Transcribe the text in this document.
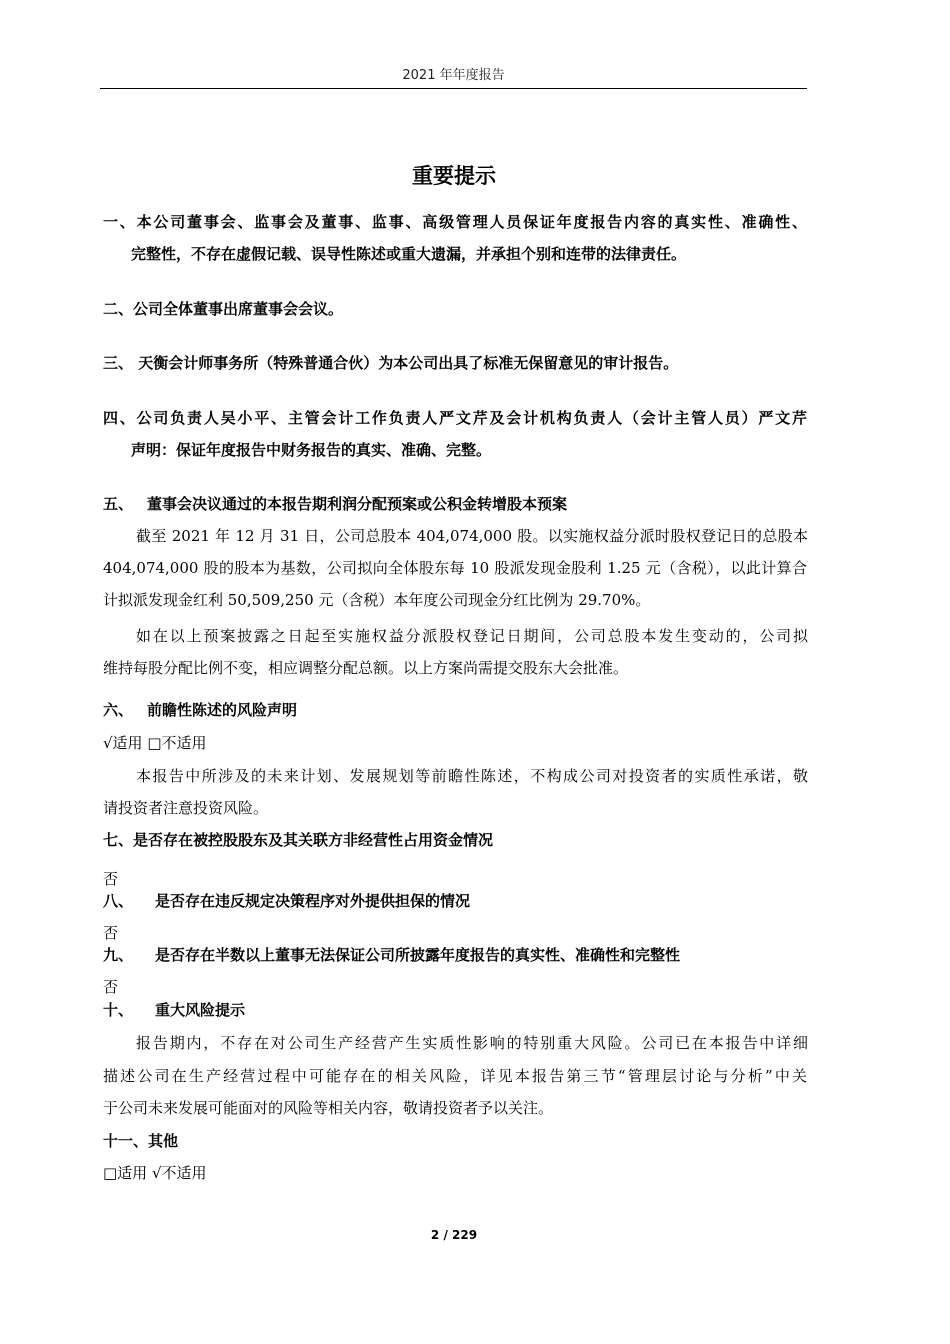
2021 年年度报告
重要提示
一、本公司董事会、监事会及董事、监事、高级管理人员保证年度报告内容的真实性、准确性、
完整性，不存在虚假记载、误导性陈述或重大遗漏，并承担个别和连带的法律责任。
二、公司全体董事出席董事会会议。
三、 天衡会计师事务所（特殊普通合伙）为本公司出具了标准无保留意见的审计报告。
四、公司负责人吴小平、主管会计工作负责人严文芹及会计机构负责人（会计主管人员）严文芹
声明：保证年度报告中财务报告的真实、准确、完整。
五、 董事会决议通过的本报告期利润分配预案或公积金转增股本预案
截至 2021 年 12 月 31 日，公司总股本 404,074,000 股。以实施权益分派时股权登记日的总股本
404,074,000 股的股本为基数，公司拟向全体股东每 10 股派发现金股利 1.25 元（含税），以此计算合
计拟派发现金红利 50,509,250 元（含税）本年度公司现金分红比例为 29.70%。
如在以上预案披露之日起至实施权益分派股权登记日期间，公司总股本发生变动的，公司拟
维持每股分配比例不变，相应调整分配总额。以上方案尚需提交股东大会批准。
六、 前瞻性陈述的风险声明
√适用 □不适用
本报告中所涉及的未来计划、发展规划等前瞻性陈述，不构成公司对投资者的实质性承诺，敬
请投资者注意投资风险。
七、是否存在被控股股东及其关联方非经营性占用资金情况
否
八、 是否存在违反规定决策程序对外提供担保的情况
否
九、 是否存在半数以上董事无法保证公司所披露年度报告的真实性、准确性和完整性
否
十、 重大风险提示
报告期内，不存在对公司生产经营产生实质性影响的特别重大风险。公司已在本报告中详细
描述公司在生产经营过程中可能存在的相关风险，详见本报告第三节“管理层讨论与分析”中关
于公司未来发展可能面对的风险等相关内容，敬请投资者予以关注。
十一、其他
□适用 √不适用
2 / 229
